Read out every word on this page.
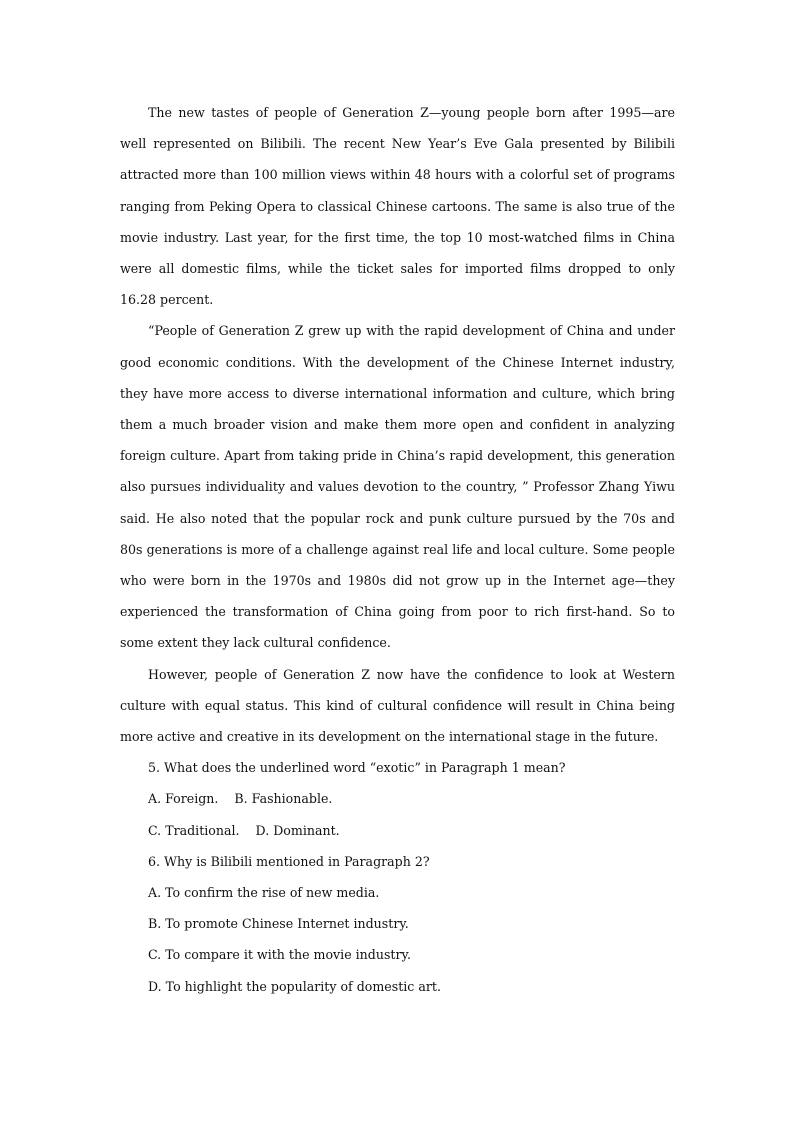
The new tastes of people of Generation Z—young people born after 1995—are well represented on Bilibili. The recent New Year’s Eve Gala presented by Bilibili attracted more than 100 million views within 48 hours with a colorful set of programs ranging from Peking Opera to classical Chinese cartoons. The same is also true of the movie industry. Last year, for the first time, the top 10 most-watched films in China were all domestic films, while the ticket sales for imported films dropped to only 16.28 percent.

“People of Generation Z grew up with the rapid development of China and under good economic conditions. With the development of the Chinese Internet industry, they have more access to diverse international information and culture, which bring them a much broader vision and make them more open and confident in analyzing foreign culture. Apart from taking pride in China’s rapid development, this generation also pursues individuality and values devotion to the country, ” Professor Zhang Yiwu said. He also noted that the popular rock and punk culture pursued by the 70s and 80s generations is more of a challenge against real life and local culture. Some people who were born in the 1970s and 1980s did not grow up in the Internet age—they experienced the transformation of China going from poor to rich first-hand. So to some extent they lack cultural confidence.

However, people of Generation Z now have the confidence to look at Western culture with equal status. This kind of cultural confidence will result in China being more active and creative in its development on the international stage in the future.

5. What does the underlined word “exotic” in Paragraph 1 mean?

A. Foreign.    B. Fashionable.

C. Traditional.    D. Dominant.

6. Why is Bilibili mentioned in Paragraph 2?

A. To confirm the rise of new media.

B. To promote Chinese Internet industry.

C. To compare it with the movie industry.

D. To highlight the popularity of domestic art.
